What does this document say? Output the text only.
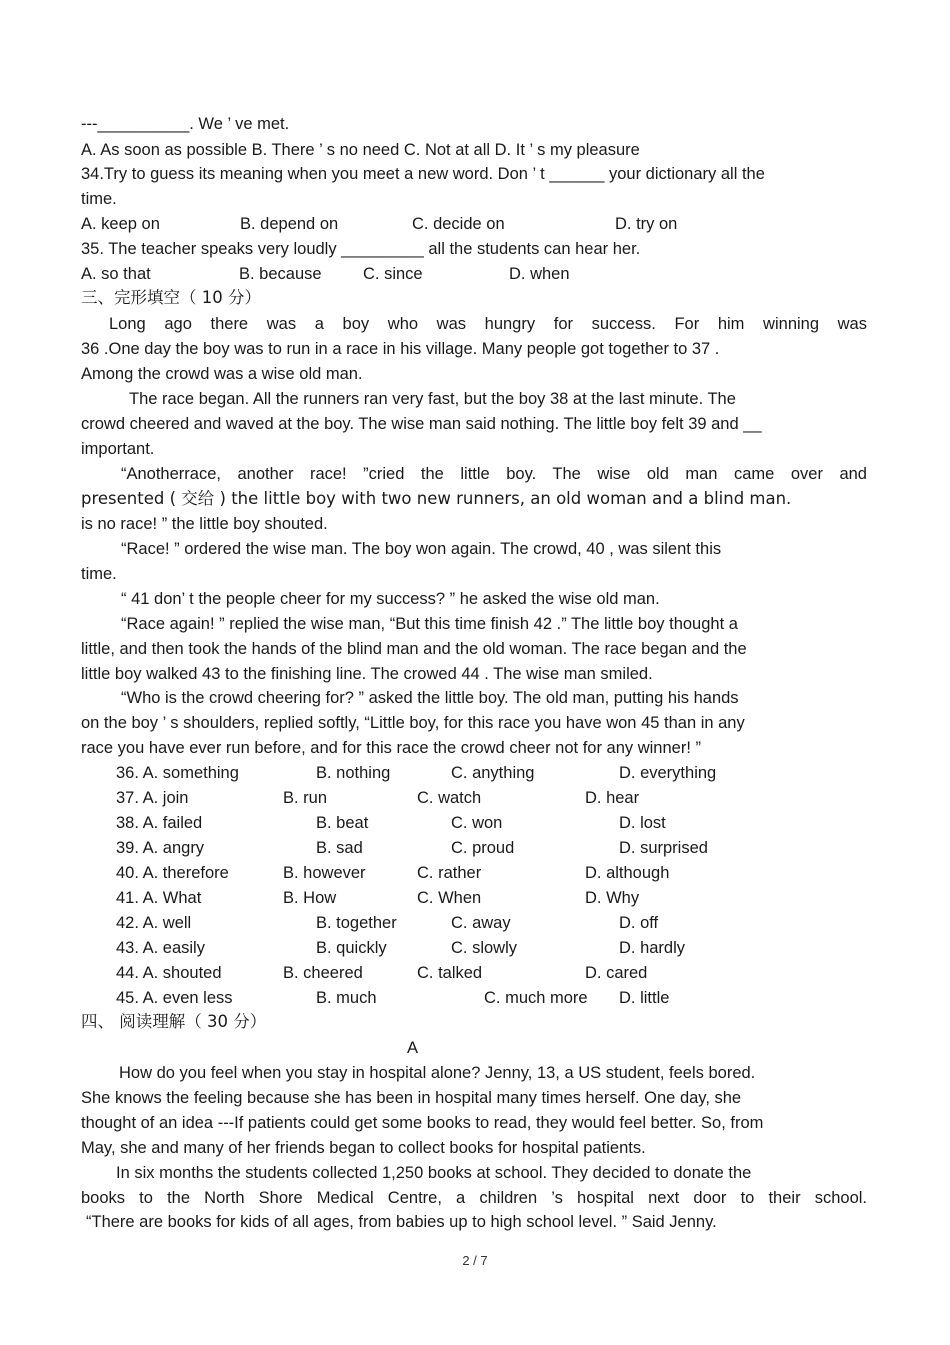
---__________. We ’ ve met.
A. As soon as possible B. There ’ s no need C. Not at all D. It ’ s my pleasure
34.Try to guess its meaning when you meet a new word. Don ’ t ______ your dictionary all the
time.
A. keep on	B. depend on	C. decide on	D. try on
35. The teacher speaks very loudly _________ all the students can hear her.
A. so that	B. because	C. since	D. when
三、完形填空（ 10 分）
Long ago there was a boy who was hungry for success. For him winning was
36 .One day the boy was to run in a race in his village. Many people got together to 37 .
Among the crowd was a wise old man.
The race began. All the runners ran very fast, but the boy 38 at the last minute. The
crowd cheered and waved at the boy. The wise man said nothing. The little boy felt 39 and __
important.
“Anotherrace, another race! ”cried the little boy. The wise old man came over and
presented ( 交给 ) the little boy with two new runners, an old woman and a blind man.
is no race! ” the little boy shouted.
“Race! ” ordered the wise man. The boy won again. The crowd, 40 , was silent this
time.
“ 41 don’ t the people cheer for my success? ” he asked the wise old man.
“Race again! ” replied the wise man, “But this time finish 42 .” The little boy thought a
little, and then took the hands of the blind man and the old woman. The race began and the
little boy walked 43 to the finishing line. The crowed 44 . The wise man smiled.
“Who is the crowd cheering for? ” asked the little boy. The old man, putting his hands
on the boy ’ s shoulders, replied softly, “Little boy, for this race you have won 45 than in any
race you have ever run before, and for this race the crowd cheer not for any winner! ”
36. A. something	B. nothing	C. anything	D. everything
37. A. join	B. run	C. watch	D. hear
38. A. failed	B. beat	C. won	D. lost
39. A. angry	B. sad	C. proud	D. surprised
40. A. therefore	B. however	C. rather	D. although
41. A. What	B. How	C. When	D. Why
42. A. well	B. together	C. away	D. off
43. A. easily	B. quickly	C. slowly	D. hardly
44. A. shouted	B. cheered	C. talked	D. cared
45. A. even less	B. much	C. much more D. little
四、 阅读理解（ 30 分）
A
How do you feel when you stay in hospital alone? Jenny, 13, a US student, feels bored.
She knows the feeling because she has been in hospital many times herself. One day, she
thought of an idea ---If patients could get some books to read, they would feel better. So, from
May, she and many of her friends began to collect books for hospital patients.
In six months the students collected 1,250 books at school. They decided to donate the
books to the North Shore Medical Centre, a children ’s hospital next door to their school.
“There are books for kids of all ages, from babies up to high school level. ” Said Jenny.
2 / 7
